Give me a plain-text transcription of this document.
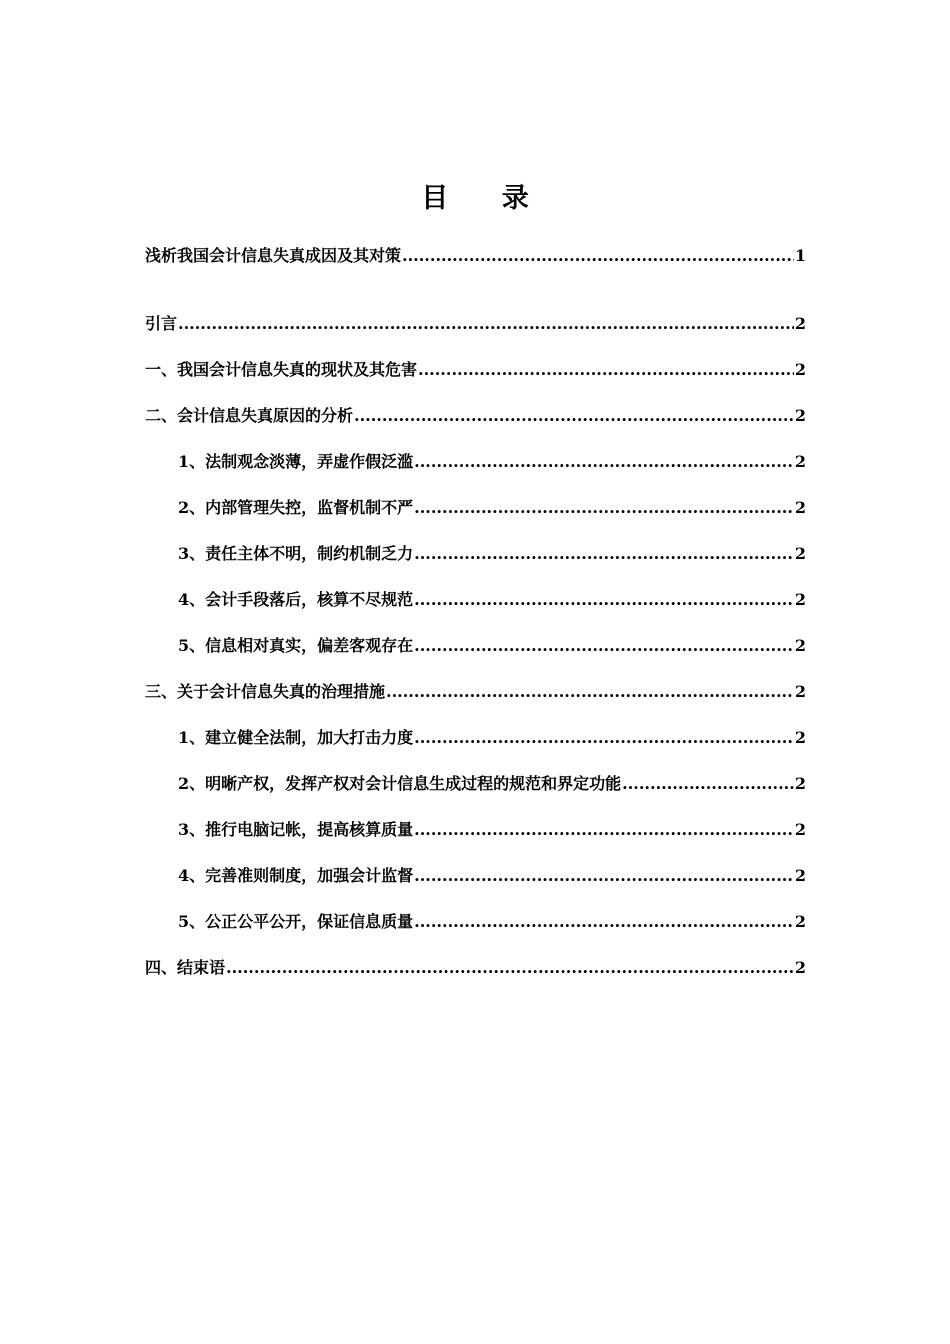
目 录
浅析我国会计信息失真成因及其对策 .....	1
引言 .....	2
一、我国会计信息失真的现状及其危害 .....	2
二、会计信息失真原因的分析 .....	2
1、法制观念淡薄，弄虚作假泛滥 .....	2
2、内部管理失控，监督机制不严 .....	2
3、责任主体不明，制约机制乏力 .....	2
4、会计手段落后，核算不尽规范 .....	2
5、信息相对真实，偏差客观存在 .....	2
三、关于会计信息失真的治理措施 .....	2
1、建立健全法制，加大打击力度 .....	2
2、明晰产权，发挥产权对会计信息生成过程的规范和界定功能 .....	2
3、推行电脑记帐，提高核算质量 .....	2
4、完善准则制度，加强会计监督 .....	2
5、公正公平公开，保证信息质量 .....	2
四、结束语 .....	2
